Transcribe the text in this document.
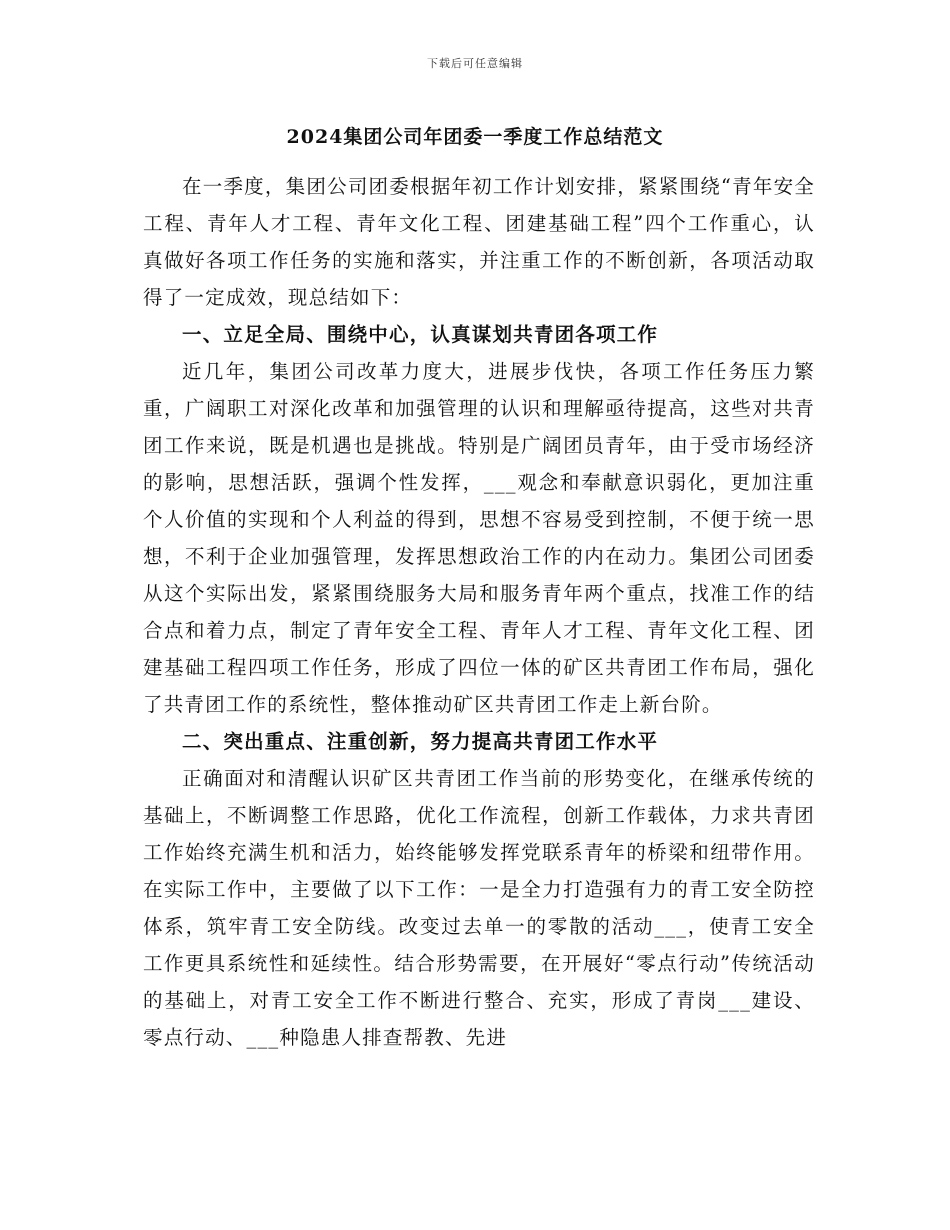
下载后可任意编辑
2024集团公司年团委一季度工作总结范文

在一季度，集团公司团委根据年初工作计划安排，紧紧围绕“青年安全工程、青年人才工程、青年文化工程、团建基础工程”四个工作重心，认真做好各项工作任务的实施和落实，并注重工作的不断创新，各项活动取得了一定成效，现总结如下：

一、立足全局、围绕中心，认真谋划共青团各项工作

近几年，集团公司改革力度大，进展步伐快，各项工作任务压力繁重，广阔职工对深化改革和加强管理的认识和理解亟待提高，这些对共青团工作来说，既是机遇也是挑战。特别是广阔团员青年，由于受市场经济的影响，思想活跃，强调个性发挥，___观念和奉献意识弱化，更加注重个人价值的实现和个人利益的得到，思想不容易受到控制，不便于统一思想，不利于企业加强管理，发挥思想政治工作的内在动力。集团公司团委从这个实际出发，紧紧围绕服务大局和服务青年两个重点，找准工作的结合点和着力点，制定了青年安全工程、青年人才工程、青年文化工程、团建基础工程四项工作任务，形成了四位一体的矿区共青团工作布局，强化了共青团工作的系统性，整体推动矿区共青团工作走上新台阶。

二、突出重点、注重创新，努力提高共青团工作水平

正确面对和清醒认识矿区共青团工作当前的形势变化，在继承传统的基础上，不断调整工作思路，优化工作流程，创新工作载体，力求共青团工作始终充满生机和活力，始终能够发挥党联系青年的桥梁和纽带作用。在实际工作中，主要做了以下工作：一是全力打造强有力的青工安全防控体系，筑牢青工安全防线。改变过去单一的零散的活动___，使青工安全工作更具系统性和延续性。结合形势需要，在开展好“零点行动”传统活动的基础上，对青工安全工作不断进行整合、充实，形成了青岗___建设、零点行动、___种隐患人排查帮教、先进
